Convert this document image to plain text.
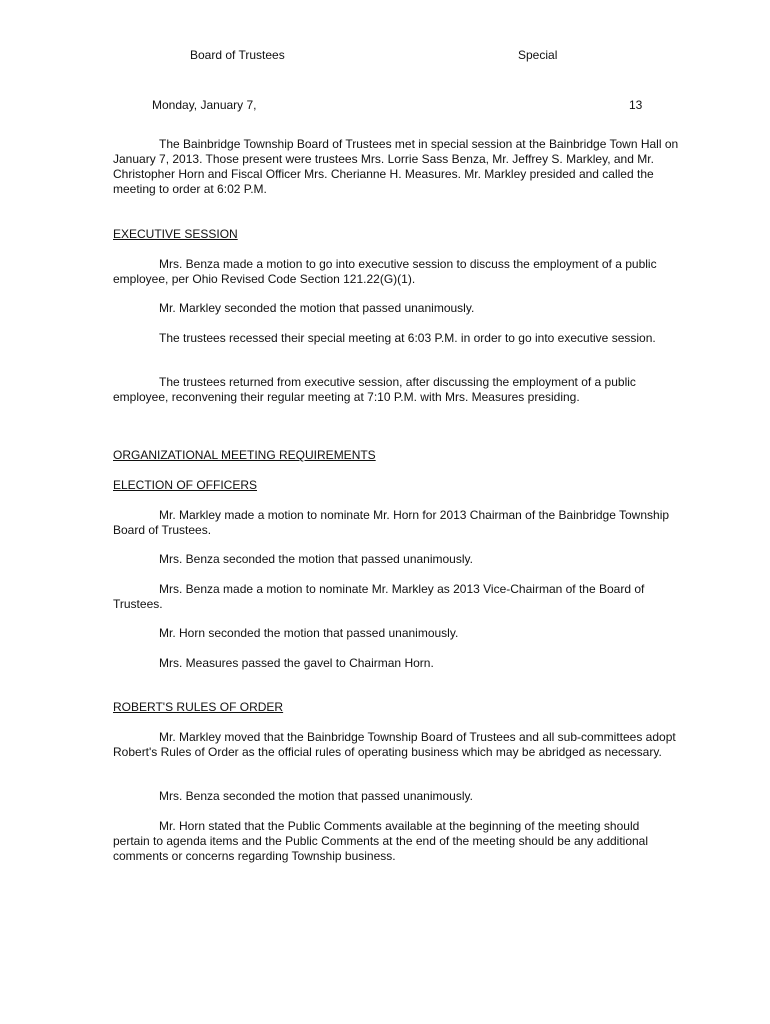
Board of Trustees	Special

Monday, January 7,	13

The Bainbridge Township Board of Trustees met in special session at the Bainbridge Town Hall on January 7, 2013. Those present were trustees Mrs. Lorrie Sass Benza, Mr. Jeffrey S. Markley, and Mr. Christopher Horn and Fiscal Officer Mrs. Cherianne H. Measures. Mr. Markley presided and called the meeting to order at 6:02 P.M.

EXECUTIVE SESSION

Mrs. Benza made a motion to go into executive session to discuss the employment of a public employee, per Ohio Revised Code Section 121.22(G)(1).

Mr. Markley seconded the motion that passed unanimously.

The trustees recessed their special meeting at 6:03 P.M. in order to go into executive session.

The trustees returned from executive session, after discussing the employment of a public employee, reconvening their regular meeting at 7:10 P.M. with Mrs. Measures presiding.

ORGANIZATIONAL MEETING REQUIREMENTS

ELECTION OF OFFICERS

Mr. Markley made a motion to nominate Mr. Horn for 2013 Chairman of the Bainbridge Township Board of Trustees.

Mrs. Benza seconded the motion that passed unanimously.

Mrs. Benza made a motion to nominate Mr. Markley as 2013 Vice-Chairman of the Board of Trustees.

Mr. Horn seconded the motion that passed unanimously.

Mrs. Measures passed the gavel to Chairman Horn.

ROBERT'S RULES OF ORDER

Mr. Markley moved that the Bainbridge Township Board of Trustees and all sub-committees adopt Robert's Rules of Order as the official rules of operating business which may be abridged as necessary.

Mrs. Benza seconded the motion that passed unanimously.

Mr. Horn stated that the Public Comments available at the beginning of the meeting should pertain to agenda items and the Public Comments at the end of the meeting should be any additional comments or concerns regarding Township business.
